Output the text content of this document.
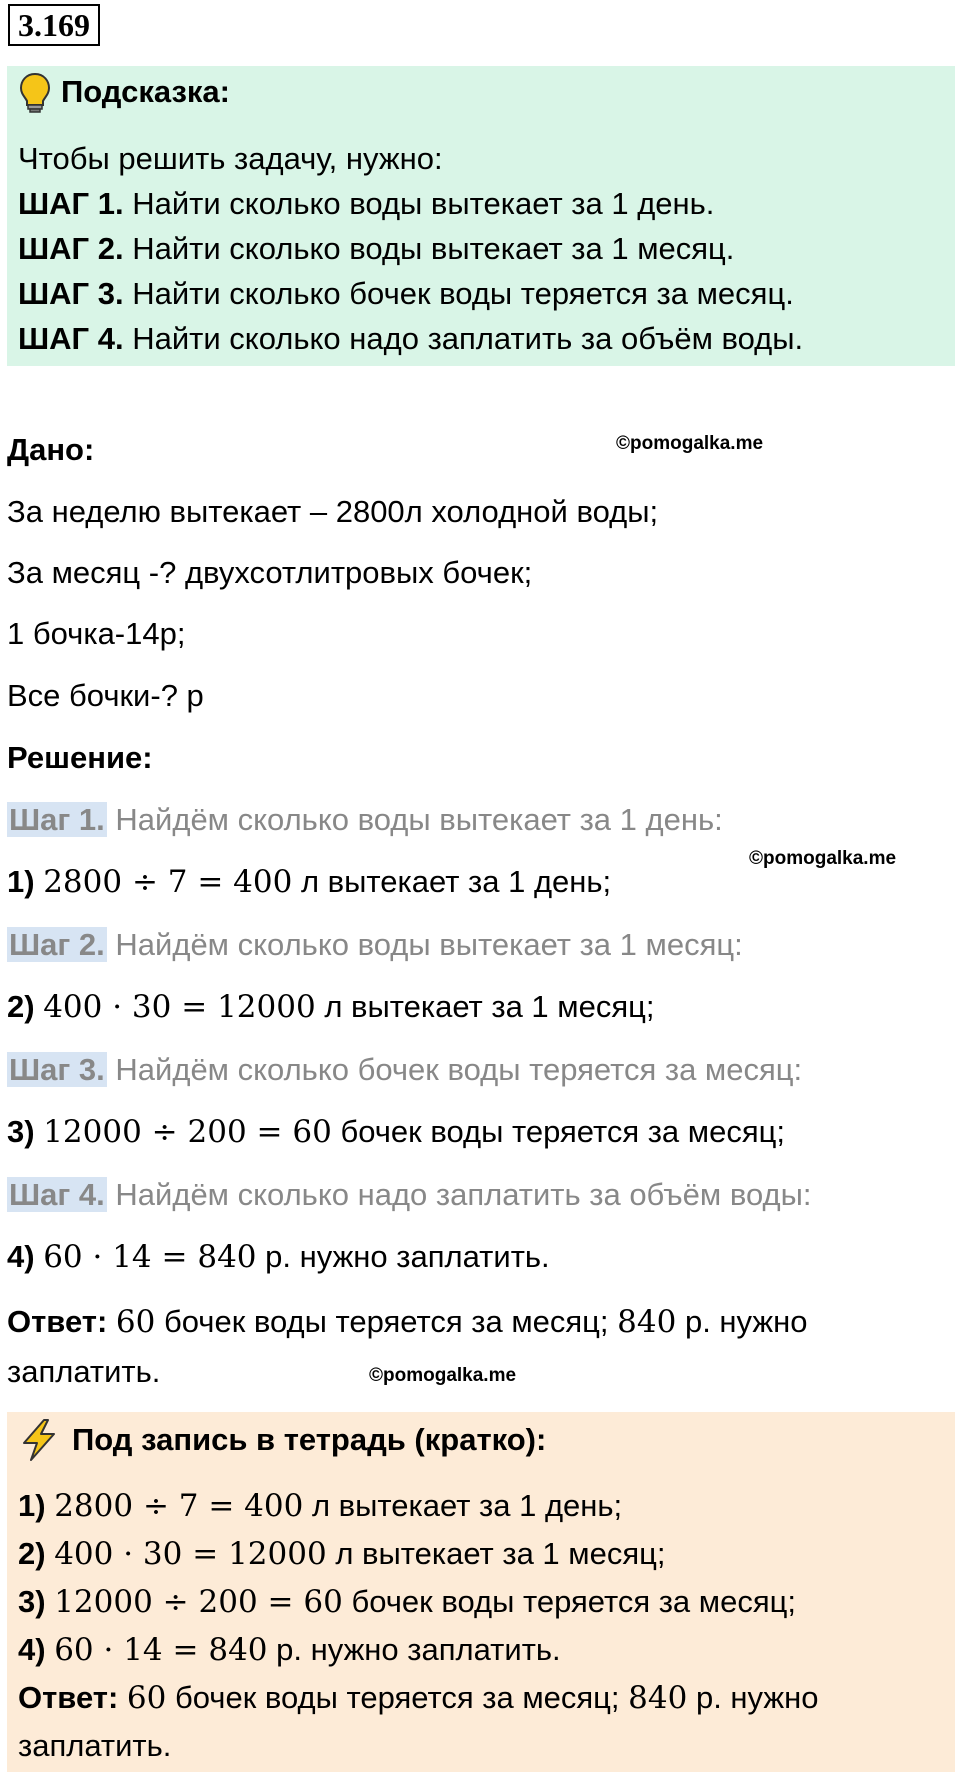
3.169
Подсказка:
Чтобы решить задачу, нужно:
ШАГ 1. Найти сколько воды вытекает за 1 день.
ШАГ 2. Найти сколько воды вытекает за 1 месяц.
ШАГ 3. Найти сколько бочек воды теряется за месяц.
ШАГ 4. Найти сколько надо заплатить за объём воды.
Дано:	©pomogalka.me
За неделю вытекает – 2800л холодной воды;
За месяц -? двухсотлитровых бочек;
1 бочка-14р;
Все бочки-? р
Решение:
Шаг 1. Найдём сколько воды вытекает за 1 день:
©pomogalka.me
1) 2800 ÷ 7 = 400 л вытекает за 1 день;
Шаг 2. Найдём сколько воды вытекает за 1 месяц:
2) 400 · 30 = 12000 л вытекает за 1 месяц;
Шаг 3. Найдём сколько бочек воды теряется за месяц:
3) 12000 ÷ 200 = 60 бочек воды теряется за месяц;
Шаг 4. Найдём сколько надо заплатить за объём воды:
4) 60 · 14 = 840 р. нужно заплатить.
Ответ: 60 бочек воды теряется за месяц; 840 р. нужно
заплатить.	©pomogalka.me
Под запись в тетрадь (кратко):
1) 2800 ÷ 7 = 400 л вытекает за 1 день;
2) 400 · 30 = 12000 л вытекает за 1 месяц;
3) 12000 ÷ 200 = 60 бочек воды теряется за месяц;
4) 60 · 14 = 840 р. нужно заплатить.
Ответ: 60 бочек воды теряется за месяц; 840 р. нужно
заплатить.
